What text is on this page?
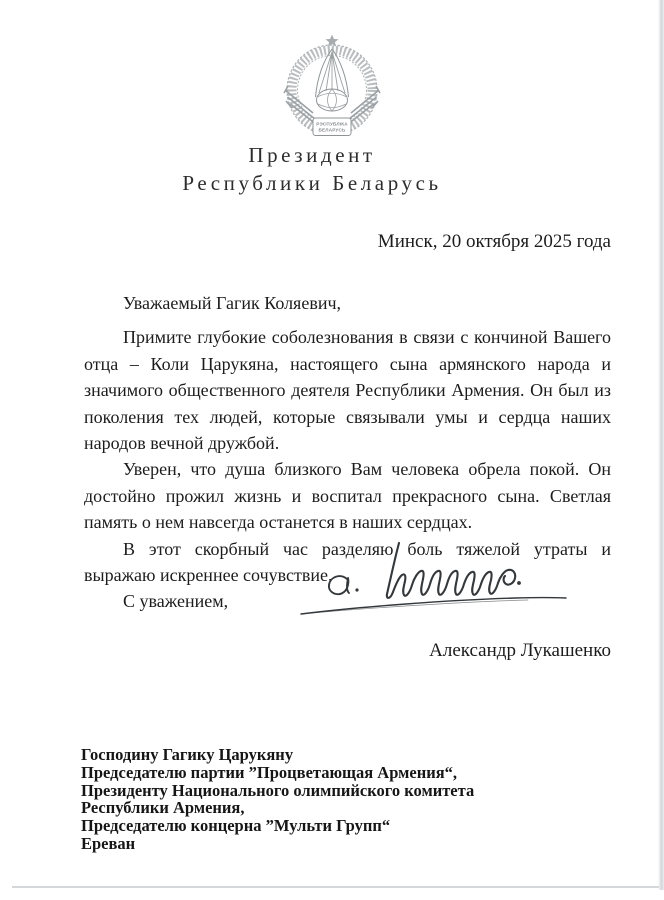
РЭСПУБЛІКА
БЕЛАРУСЬ
Президент
Республики Беларусь
Минск, 20 октября 2025 года

Уважаемый Гагик Коляевич,

Примите глубокие соболезнования в связи с кончиной Вашего отца – Коли Царукяна, настоящего сына армянского народа и значимого общественного деятеля Республики Армения. Он был из поколения тех людей, которые связывали умы и сердца наших народов вечной дружбой.

Уверен, что душа близкого Вам человека обрела покой. Он достойно прожил жизнь и воспитал прекрасного сына. Светлая память о нем навсегда останется в наших сердцах.

В этот скорбный час разделяю боль тяжелой утраты и выражаю искреннее сочувствие.

С уважением,

Александр Лукашенко
Господину Гагику Царукяну
Председателю партии ”Процветающая Армения“,
Президенту Национального олимпийского комитета
Республики Армения,
Председателю концерна ”Мульти Групп“
Ереван
